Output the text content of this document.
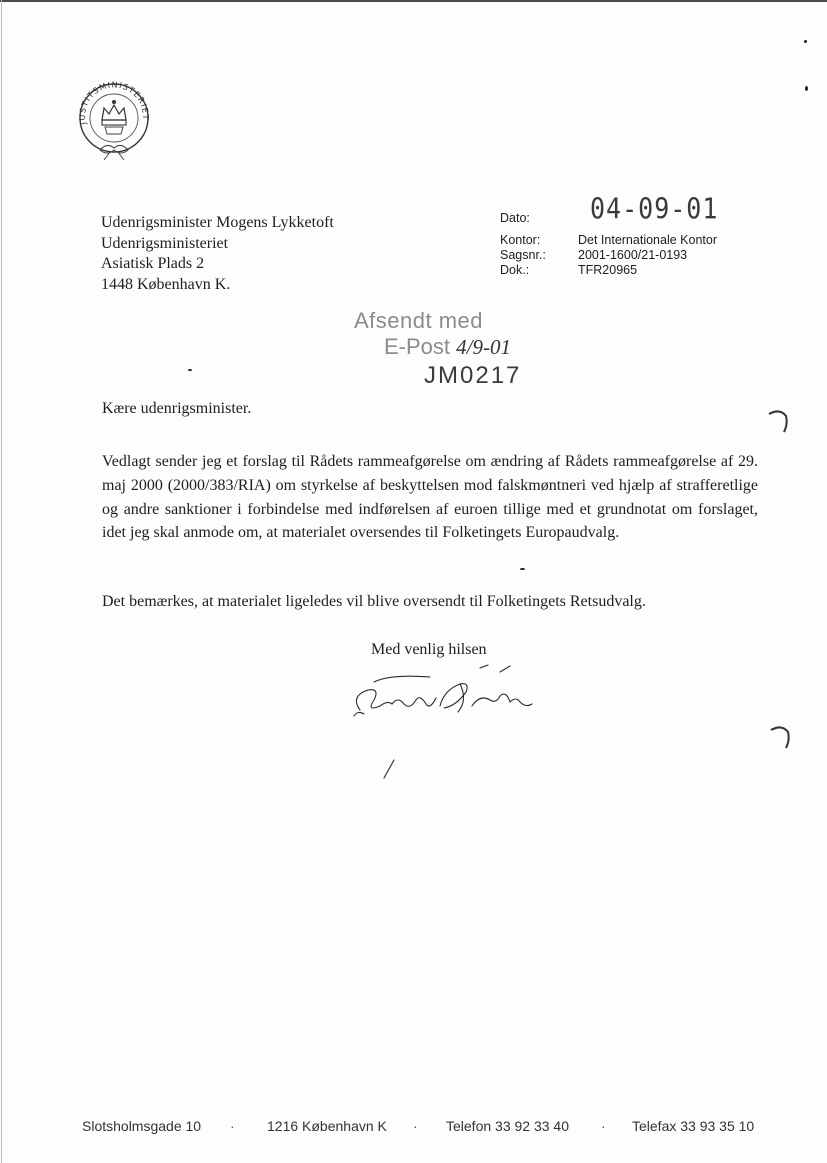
JUSTITSMINISTERIET
Udenrigsminister Mogens Lykketoft
Udenrigsministeriet
Asiatisk Plads 2
1448 København K.
Dato: 04-09-01
Kontor:
Sagsnr.:
Dok.:
Det Internationale Kontor
2001-1600/21-0193
TFR20965
Afsendt med
E-Post 4/9-01
JM0217
Kære udenrigsminister.
Vedlagt sender jeg et forslag til Rådets rammeafgørelse om ændring af Rådets rammeafgørelse af 29. maj 2000 (2000/383/RIA) om styrkelse af beskyttelsen mod falskmøntneri ved hjælp af strafferetlige og andre sanktioner i forbindelse med indførelsen af euroen tillige med et grundnotat om forslaget, idet jeg skal anmode om, at materialet oversendes til Folketingets Europaudvalg.
Det bemærkes, at materialet ligeledes vil blive oversendt til Folketingets Retsudvalg.
Med venlig hilsen
Slotsholmsgade 10 · 1216 København K · Telefon 33 92 33 40 · Telefax 33 93 35 10
